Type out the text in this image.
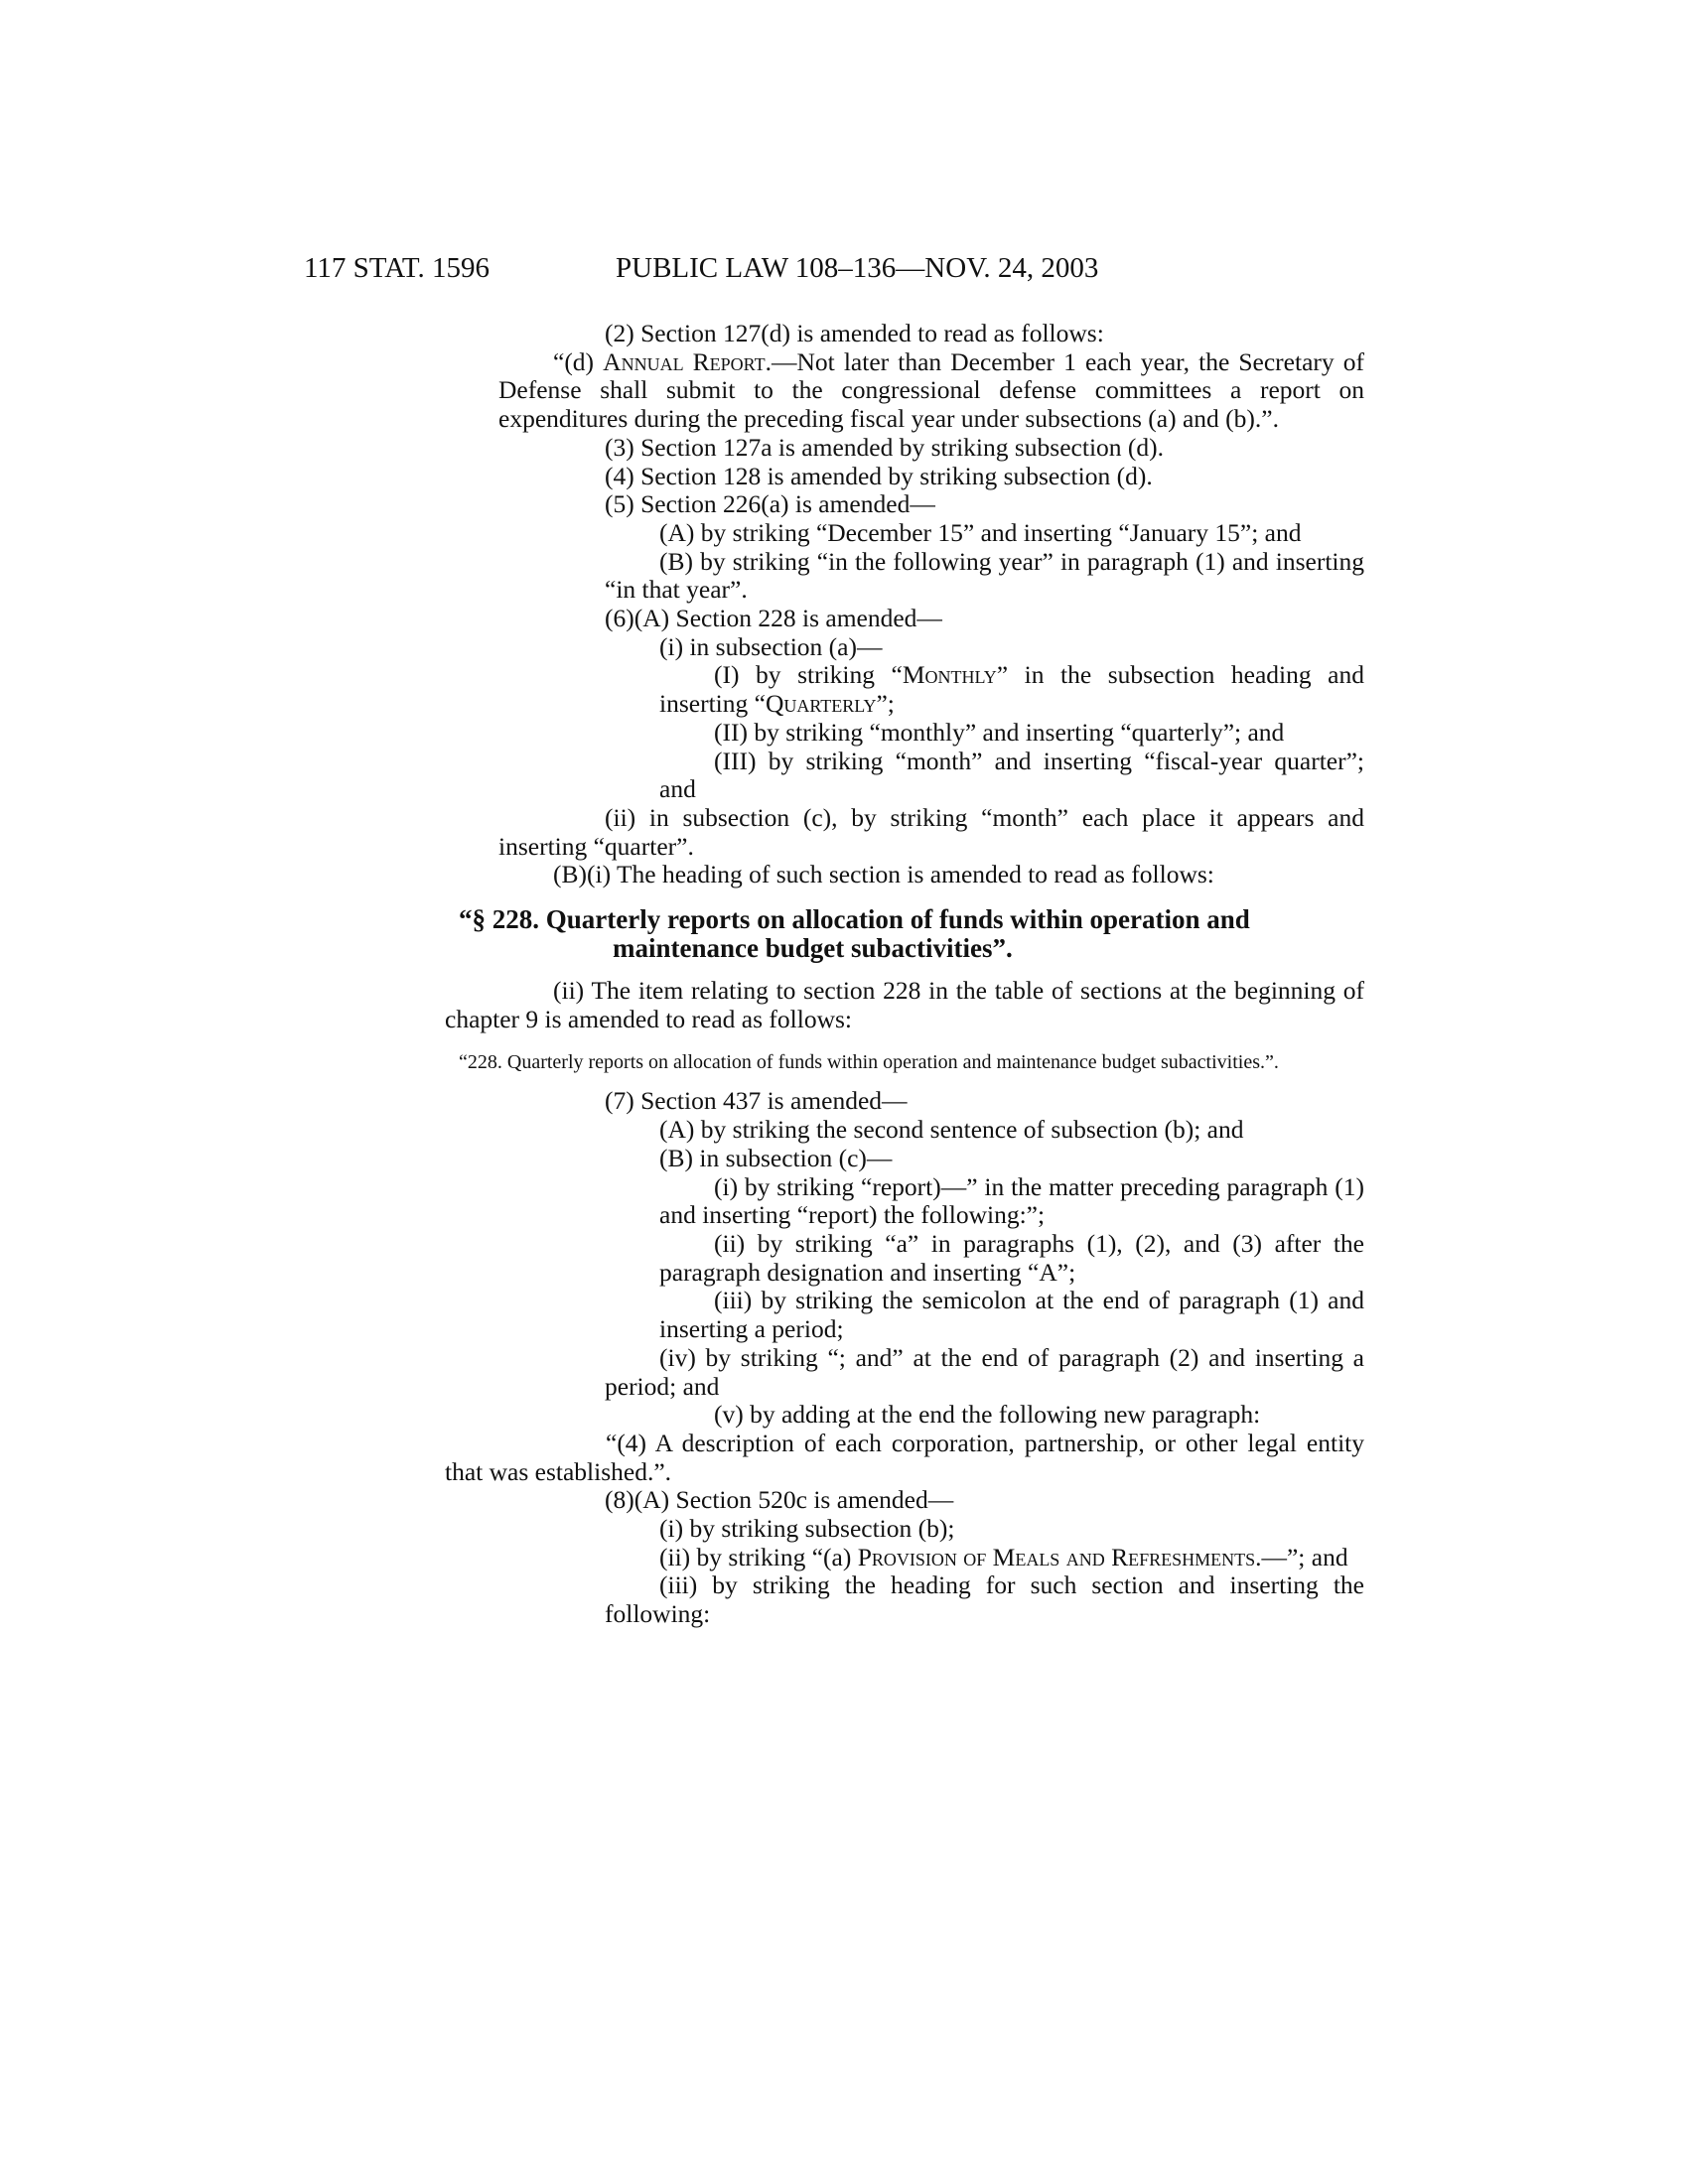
117 STAT. 1596	PUBLIC LAW 108–136—NOV. 24, 2003

(2) Section 127(d) is amended to read as follows:

“(d) Annual Report.—Not later than December 1 each year, the Secretary of Defense shall submit to the congressional defense committees a report on expenditures during the preceding fiscal year under subsections (a) and (b).”.

(3) Section 127a is amended by striking subsection (d).

(4) Section 128 is amended by striking subsection (d).

(5) Section 226(a) is amended—

(A) by striking “December 15” and inserting “January 15”; and

(B) by striking “in the following year” in paragraph (1) and inserting “in that year”.

(6)(A) Section 228 is amended—

(i) in subsection (a)—

(I) by striking “Monthly” in the subsection heading and inserting “Quarterly”;

(II) by striking “monthly” and inserting “quarterly”; and

(III) by striking “month” and inserting “fiscal-year quarter”; and

(ii) in subsection (c), by striking “month” each place it appears and inserting “quarter”.

(B)(i) The heading of such section is amended to read as follows:

“§ 228. Quarterly reports on allocation of funds within operation and maintenance budget subactivities”.

(ii) The item relating to section 228 in the table of sections at the beginning of chapter 9 is amended to read as follows:

“228. Quarterly reports on allocation of funds within operation and maintenance budget subactivities.”.

(7) Section 437 is amended—

(A) by striking the second sentence of subsection (b); and

(B) in subsection (c)—

(i) by striking “report)—” in the matter preceding paragraph (1) and inserting “report) the following:”;

(ii) by striking “a” in paragraphs (1), (2), and (3) after the paragraph designation and inserting “A”;

(iii) by striking the semicolon at the end of paragraph (1) and inserting a period;

(iv) by striking “; and” at the end of paragraph (2) and inserting a period; and

(v) by adding at the end the following new paragraph:

“(4) A description of each corporation, partnership, or other legal entity that was established.”.

(8)(A) Section 520c is amended—

(i) by striking subsection (b);

(ii) by striking “(a) Provision of Meals and Refreshments.—”; and

(iii) by striking the heading for such section and inserting the following:
